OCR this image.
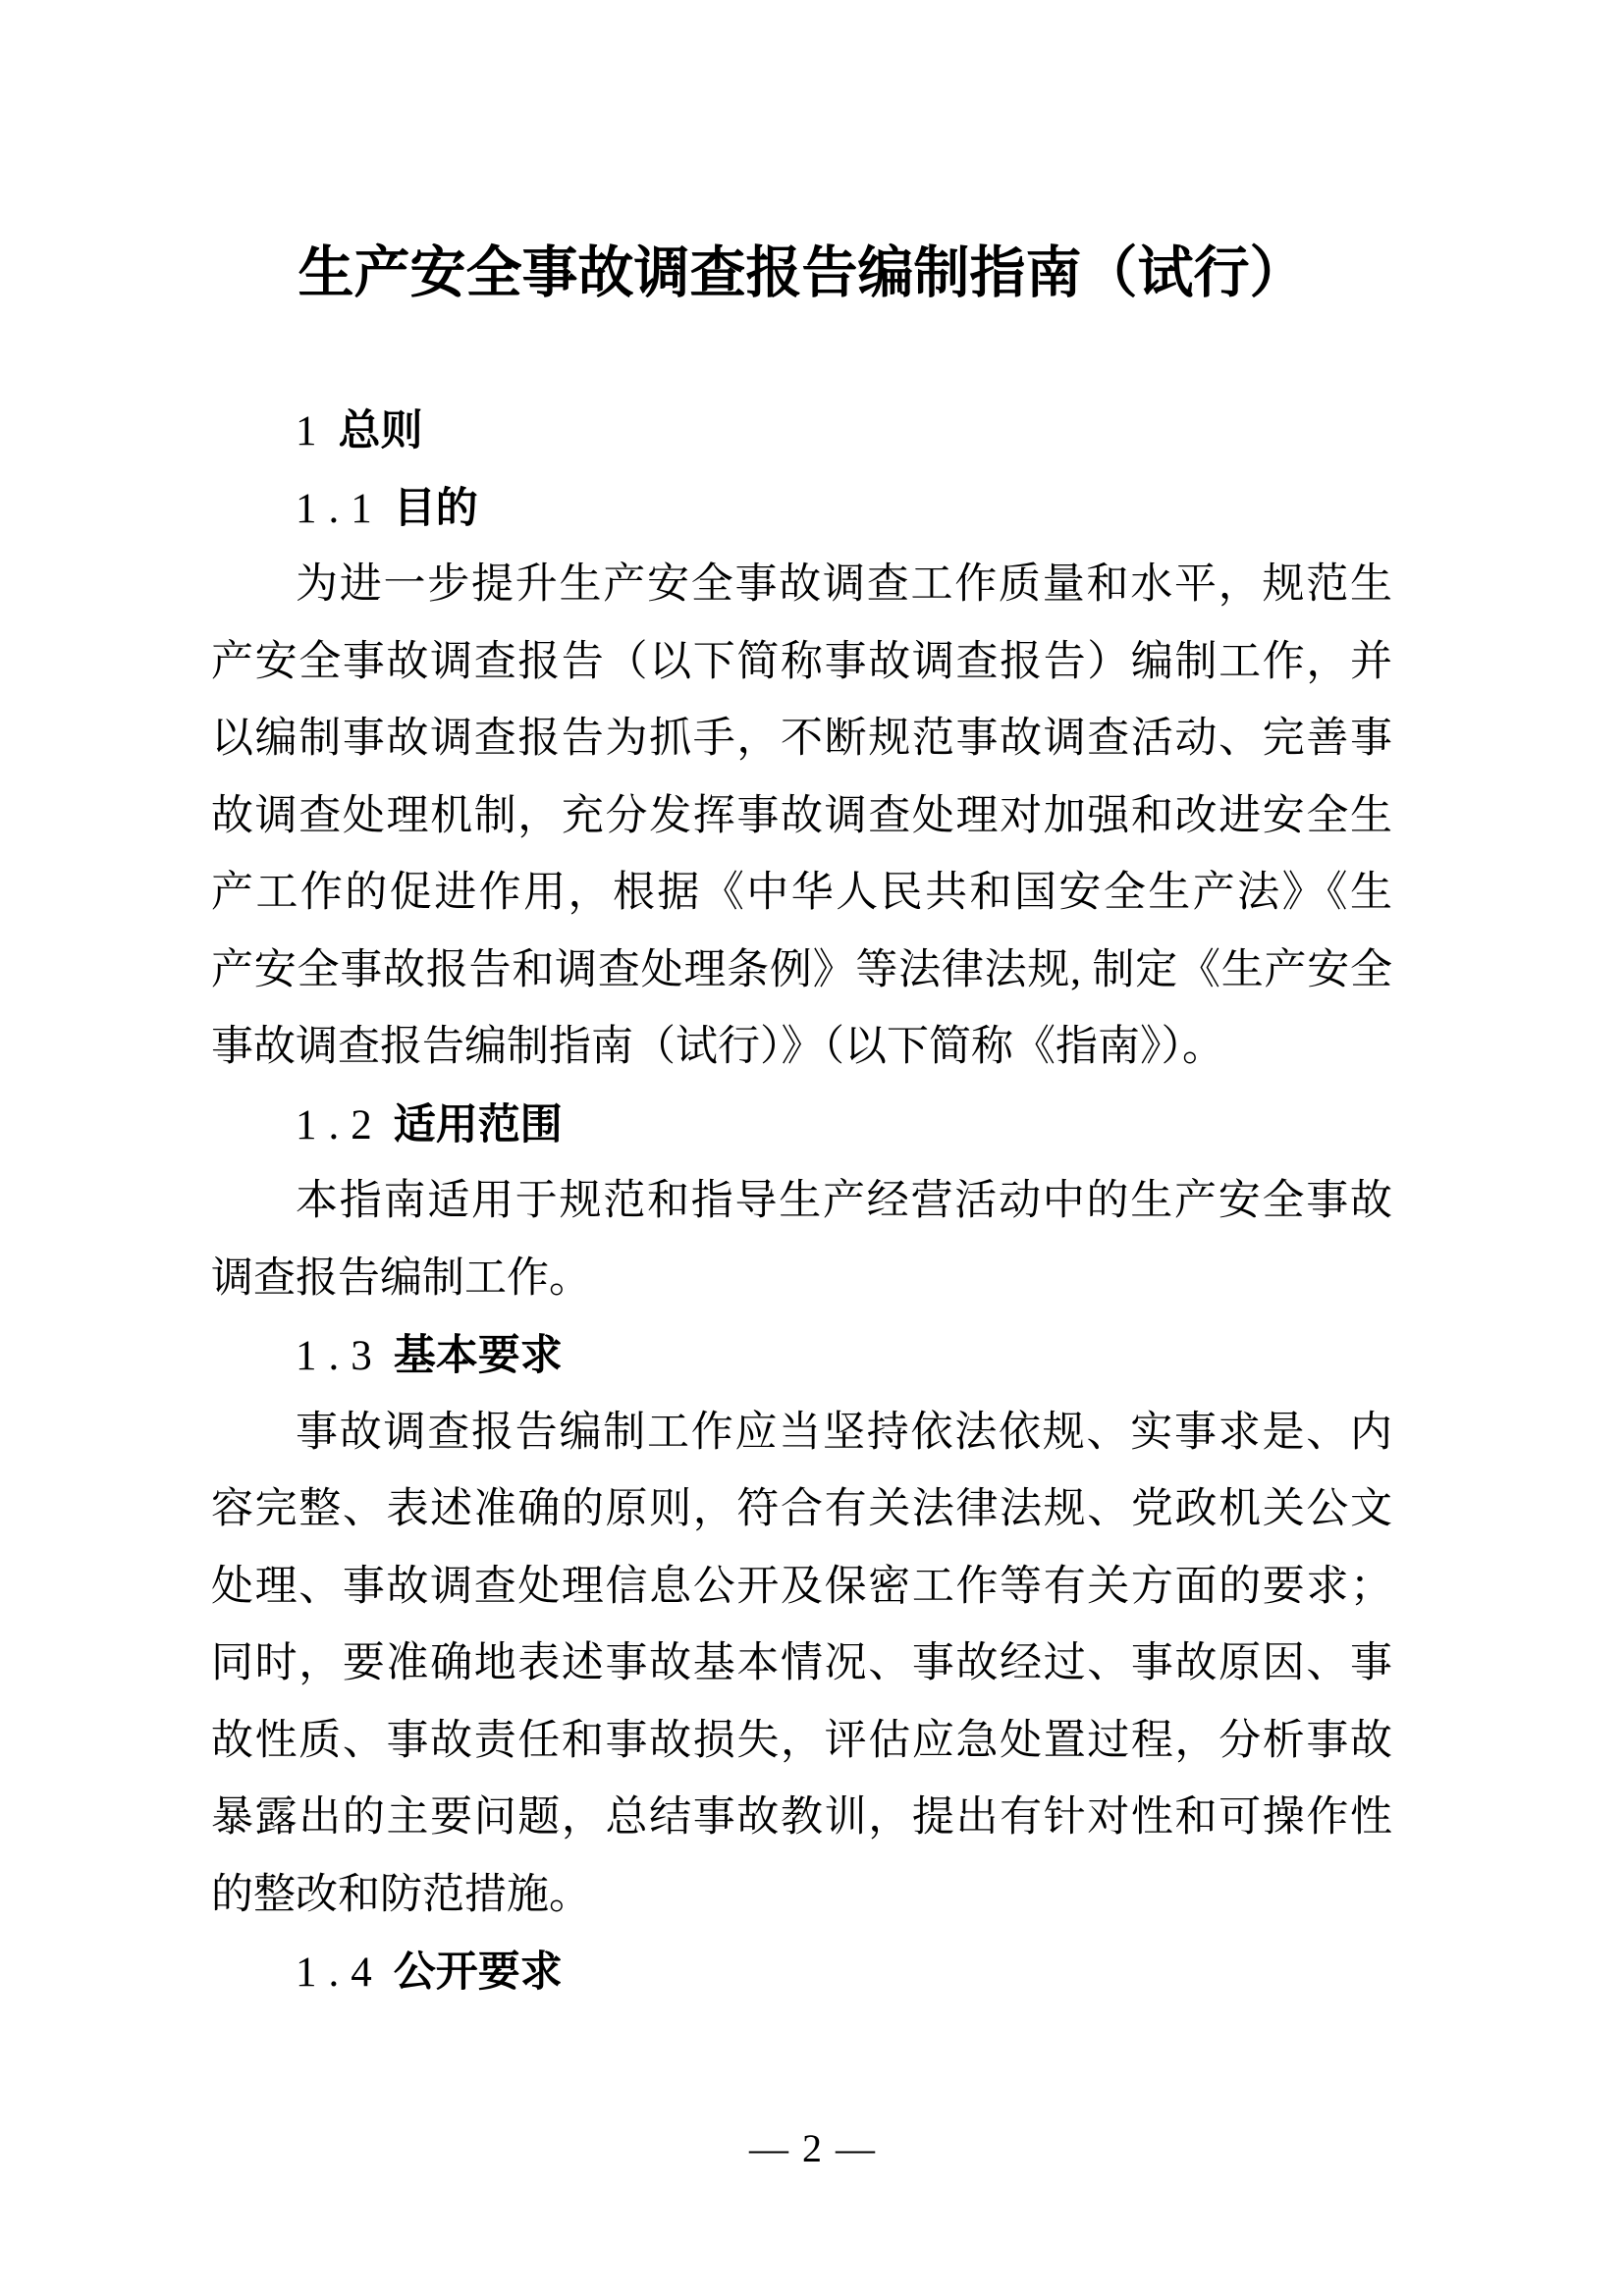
生产安全事故调查报告编制指南（试行）
1 总则
1.1 目的
为进一步提升生产安全事故调查工作质量和水平，规范生
产安全事故调查报告（以下简称事故调查报告）编制工作，并
以编制事故调查报告为抓手，不断规范事故调查活动、完善事
故调查处理机制，充分发挥事故调查处理对加强和改进安全生
产工作的促进作用，根据《中华人民共和国安全生产法》《生
产安全事故报告和调查处理条例》等法律法规, 制定《生产安全
事故调查报告编制指南（试行）》（以下简称《指南》）。
1.2 适用范围
本指南适用于规范和指导生产经营活动中的生产安全事故
调查报告编制工作。
1.3 基本要求
事故调查报告编制工作应当坚持依法依规、实事求是、内
容完整、表述准确的原则，符合有关法律法规、党政机关公文
处理、事故调查处理信息公开及保密工作等有关方面的要求；
同时，要准确地表述事故基本情况、事故经过、事故原因、事
故性质、事故责任和事故损失，评估应急处置过程，分析事故
暴露出的主要问题，总结事故教训，提出有针对性和可操作性
的整改和防范措施。
1.4 公开要求
— 2 —
